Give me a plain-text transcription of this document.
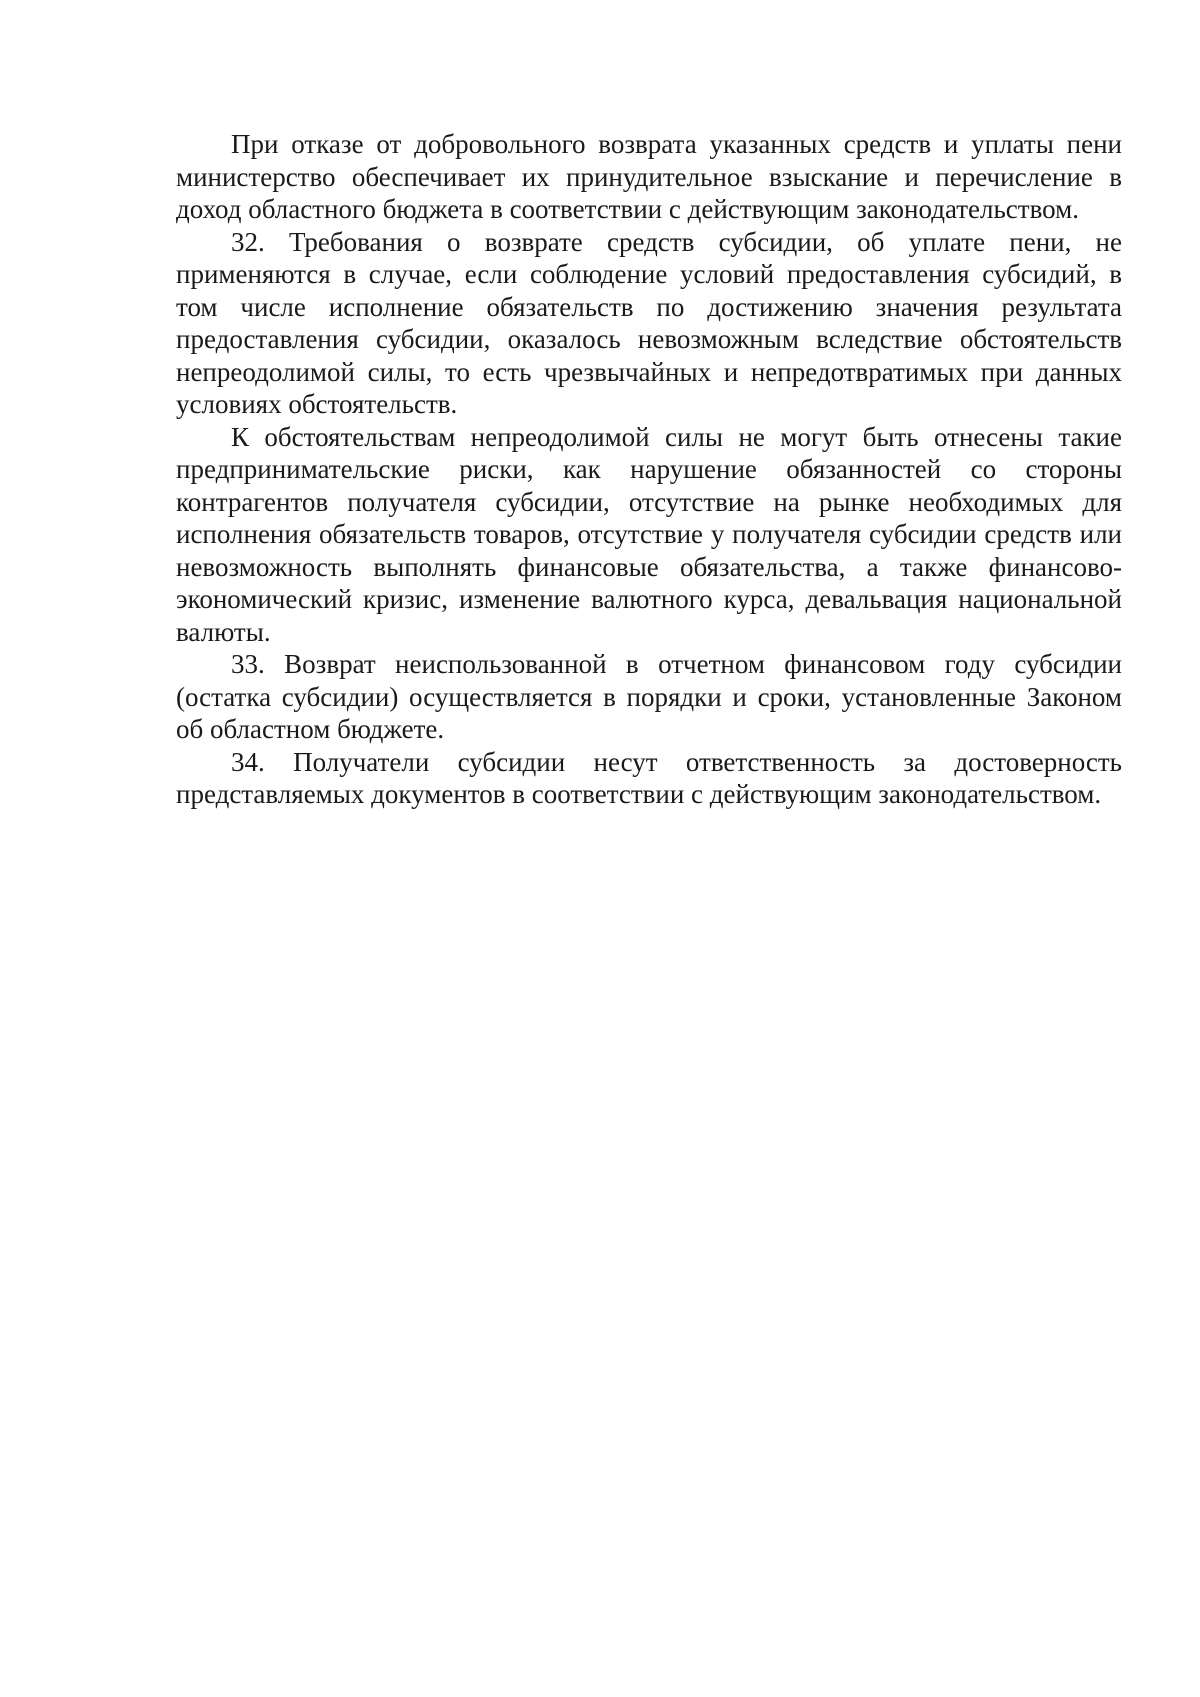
При отказе от добровольного возврата указанных средств и уплаты пени министерство обеспечивает их принудительное взыскание и перечисление в доход областного бюджета в соответствии с действующим законодательством.

32. Требования о возврате средств субсидии, об уплате пени, не применяются в случае, если соблюдение условий предоставления субсидий, в том числе исполнение обязательств по достижению значения результата предоставления субсидии, оказалось невозможным вследствие обстоятельств непреодолимой силы, то есть чрезвычайных и непредотвратимых при данных условиях обстоятельств.

К обстоятельствам непреодолимой силы не могут быть отнесены такие предпринимательские риски, как нарушение обязанностей со стороны контрагентов получателя субсидии, отсутствие на рынке необходимых для исполнения обязательств товаров, отсутствие у получателя субсидии средств или невозможность выполнять финансовые обязательства, а также финансово-экономический кризис, изменение валютного курса, девальвация национальной валюты.

33. Возврат неиспользованной в отчетном финансовом году субсидии (остатка субсидии) осуществляется в порядки и сроки, установленные Законом об областном бюджете.

34. Получатели субсидии несут ответственность за достоверность представляемых документов в соответствии с действующим законодательством.
